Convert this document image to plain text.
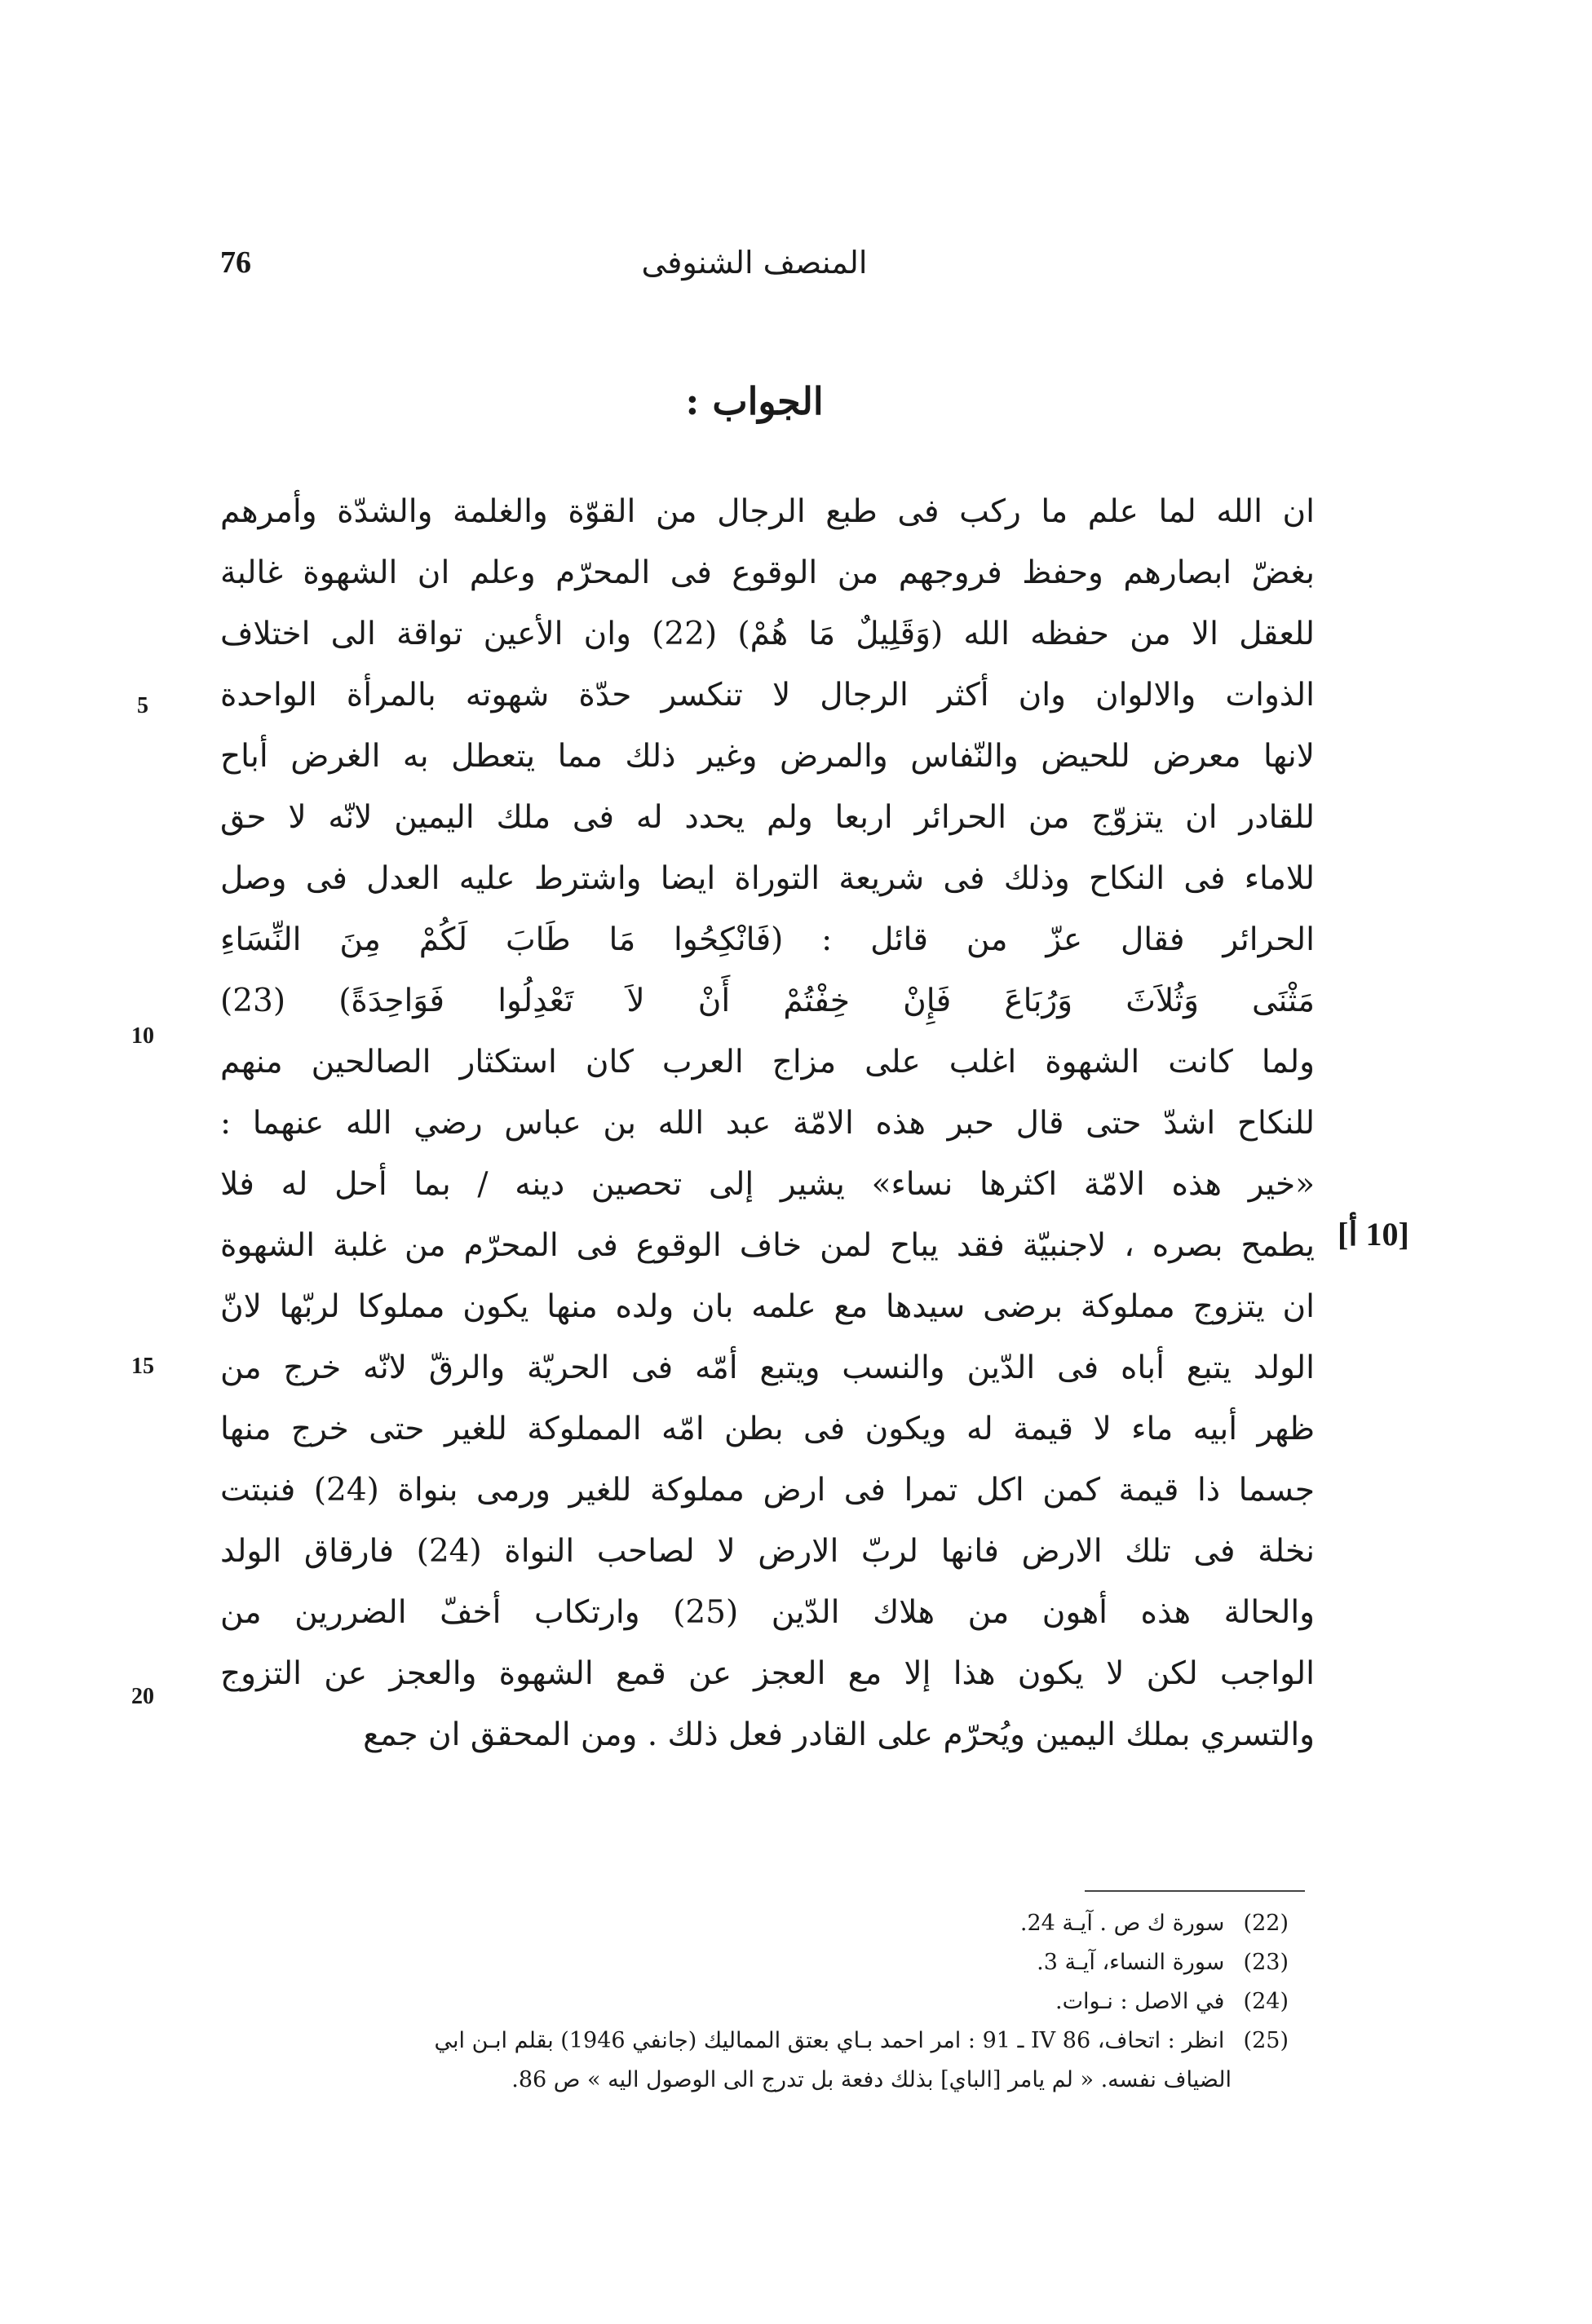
المنصف الشنوفى
76
الجواب :
ان الله لما علم ما ركب فى طبع الرجال من القوّة والغلمة والشدّة وأمرهم
بغضّ ابصارهم وحفظ فروجهم من الوقوع فى المحرّم وعلم ان الشهوة غالبة
للعقل الا من حفظه الله (وَقَلِيلٌ مَا هُمْ) (22) وان الأعين تواقة الى اختلاف
الذوات والالوان وان أكثر الرجال لا تنكسر حدّة شهوته بالمرأة الواحدة
لانها معرض للحيض والنّفاس والمرض وغير ذلك مما يتعطل به الغرض أباح
للقادر ان يتزوّج من الحرائر اربعا ولم يحدد له فى ملك اليمين لانّه لا حق
للاماء فى النكاح وذلك فى شريعة التوراة ايضا واشترط عليه العدل فى وصل
الحرائر فقال عزّ من قائل : (فَانْكِحُوا مَا طَابَ لَكُمْ مِنَ النِّسَاءِ
مَثْنَى وَثُلاَثَ وَرُبَاعَ فَإِنْ خِفْتُمْ أَنْ لاَ تَعْدِلُوا فَوَاحِدَةً) (23)
ولما كانت الشهوة اغلب على مزاج العرب كان استكثار الصالحين منهم
للنكاح اشدّ حتى قال حبر هذه الامّة عبد الله بن عباس رضي الله عنهما :
«خير هذه الامّة اكثرها نساء» يشير إلى تحصين دينه / بما أحل له فلا
يطمح بصره ، لاجنبيّة فقد يباح لمن خاف الوقوع فى المحرّم من غلبة الشهوة
ان يتزوج مملوكة برضى سيدها مع علمه بان ولده منها يكون مملوكا لربّها لانّ
الولد يتبع أباه فى الدّين والنسب ويتبع أمّه فى الحريّة والرقّ لانّه خرج من
ظهر أبيه ماء لا قيمة له ويكون فى بطن امّه المملوكة للغير حتى خرج منها
جسما ذا قيمة كمن اكل تمرا فى ارض مملوكة للغير ورمى بنواة (24) فنبتت
نخلة فى تلك الارض فانها لربّ الارض لا لصاحب النواة (24) فارقاق الولد
والحالة هذه أهون من هلاك الدّين (25) وارتكاب أخفّ الضررين من
الواجب لكن لا يكون هذا إلا مع العجز عن قمع الشهوة والعجز عن التزوج
والتسري بملك اليمين ويُحرّم على القادر فعل ذلك . ومن المحقق ان جمع
5
10
15
20
[10 أ]
(22) سورة ك ص . آيـة 24.
(23) سورة النساء، آيـة 3.
(24) في الاصل : نـوات.
(25) انظر : اتحاف، IV 86 ـ 91 : امر احمد بـاي بعتق المماليك (جانفي 1946) بقلم ابـن ابي
الضياف نفسه. « لم يامر [الباي] بذلك دفعة بل تدرج الى الوصول اليه » ص 86.
